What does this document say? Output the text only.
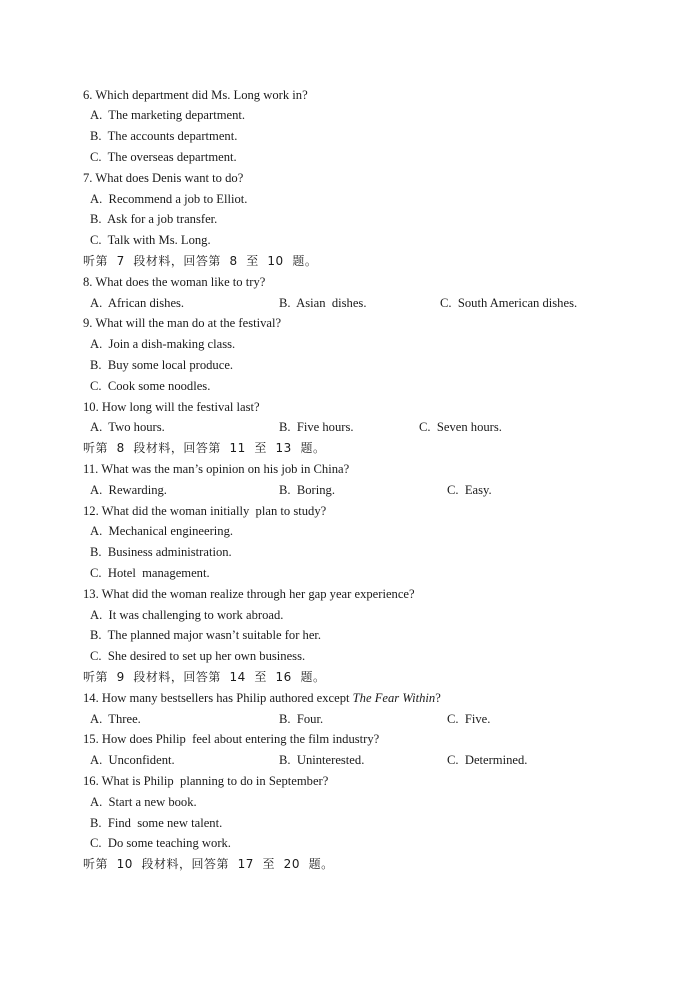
6. Which department did Ms. Long work in?
A.  The marketing department.
B.  The accounts department.
C.  The overseas department.
7. What does Denis want to do?
A.  Recommend a job to Elliot.
B.  Ask for a job transfer.
C.  Talk with Ms. Long.
听第  7  段材料，回答第  8  至  10  题。
8. What does the woman like to try?
A.  African dishes.	B.  Asian  dishes.	C.  South American dishes.
9. What will the man do at the festival?
A.  Join a dish-making class.
B.  Buy some local produce.
C.  Cook some noodles.
10. How long will the festival last?
A.  Two hours.	B.  Five hours.	C.  Seven hours.
听第  8  段材料，回答第  11  至  13  题。
11. What was the man’s opinion on his job in China?
A.  Rewarding.	B.  Boring.	C.  Easy.
12. What did the woman initially  plan to study?
A.  Mechanical engineering.
B.  Business administration.
C.  Hotel  management.
13. What did the woman realize through her gap year experience?
A.  It was challenging to work abroad.
B.  The planned major wasn’t suitable for her.
C.  She desired to set up her own business.
听第  9  段材料，回答第  14  至  16  题。
14. How many bestsellers has Philip authored except The Fear Within?
A.  Three.	B.  Four.	C.  Five.
15. How does Philip  feel about entering the film industry?
A.  Unconfident.	B.  Uninterested.	C.  Determined.
16. What is Philip  planning to do in September?
A.  Start a new book.
B.  Find  some new talent.
C.  Do some teaching work.
听第  10  段材料，回答第  17  至  20  题。
